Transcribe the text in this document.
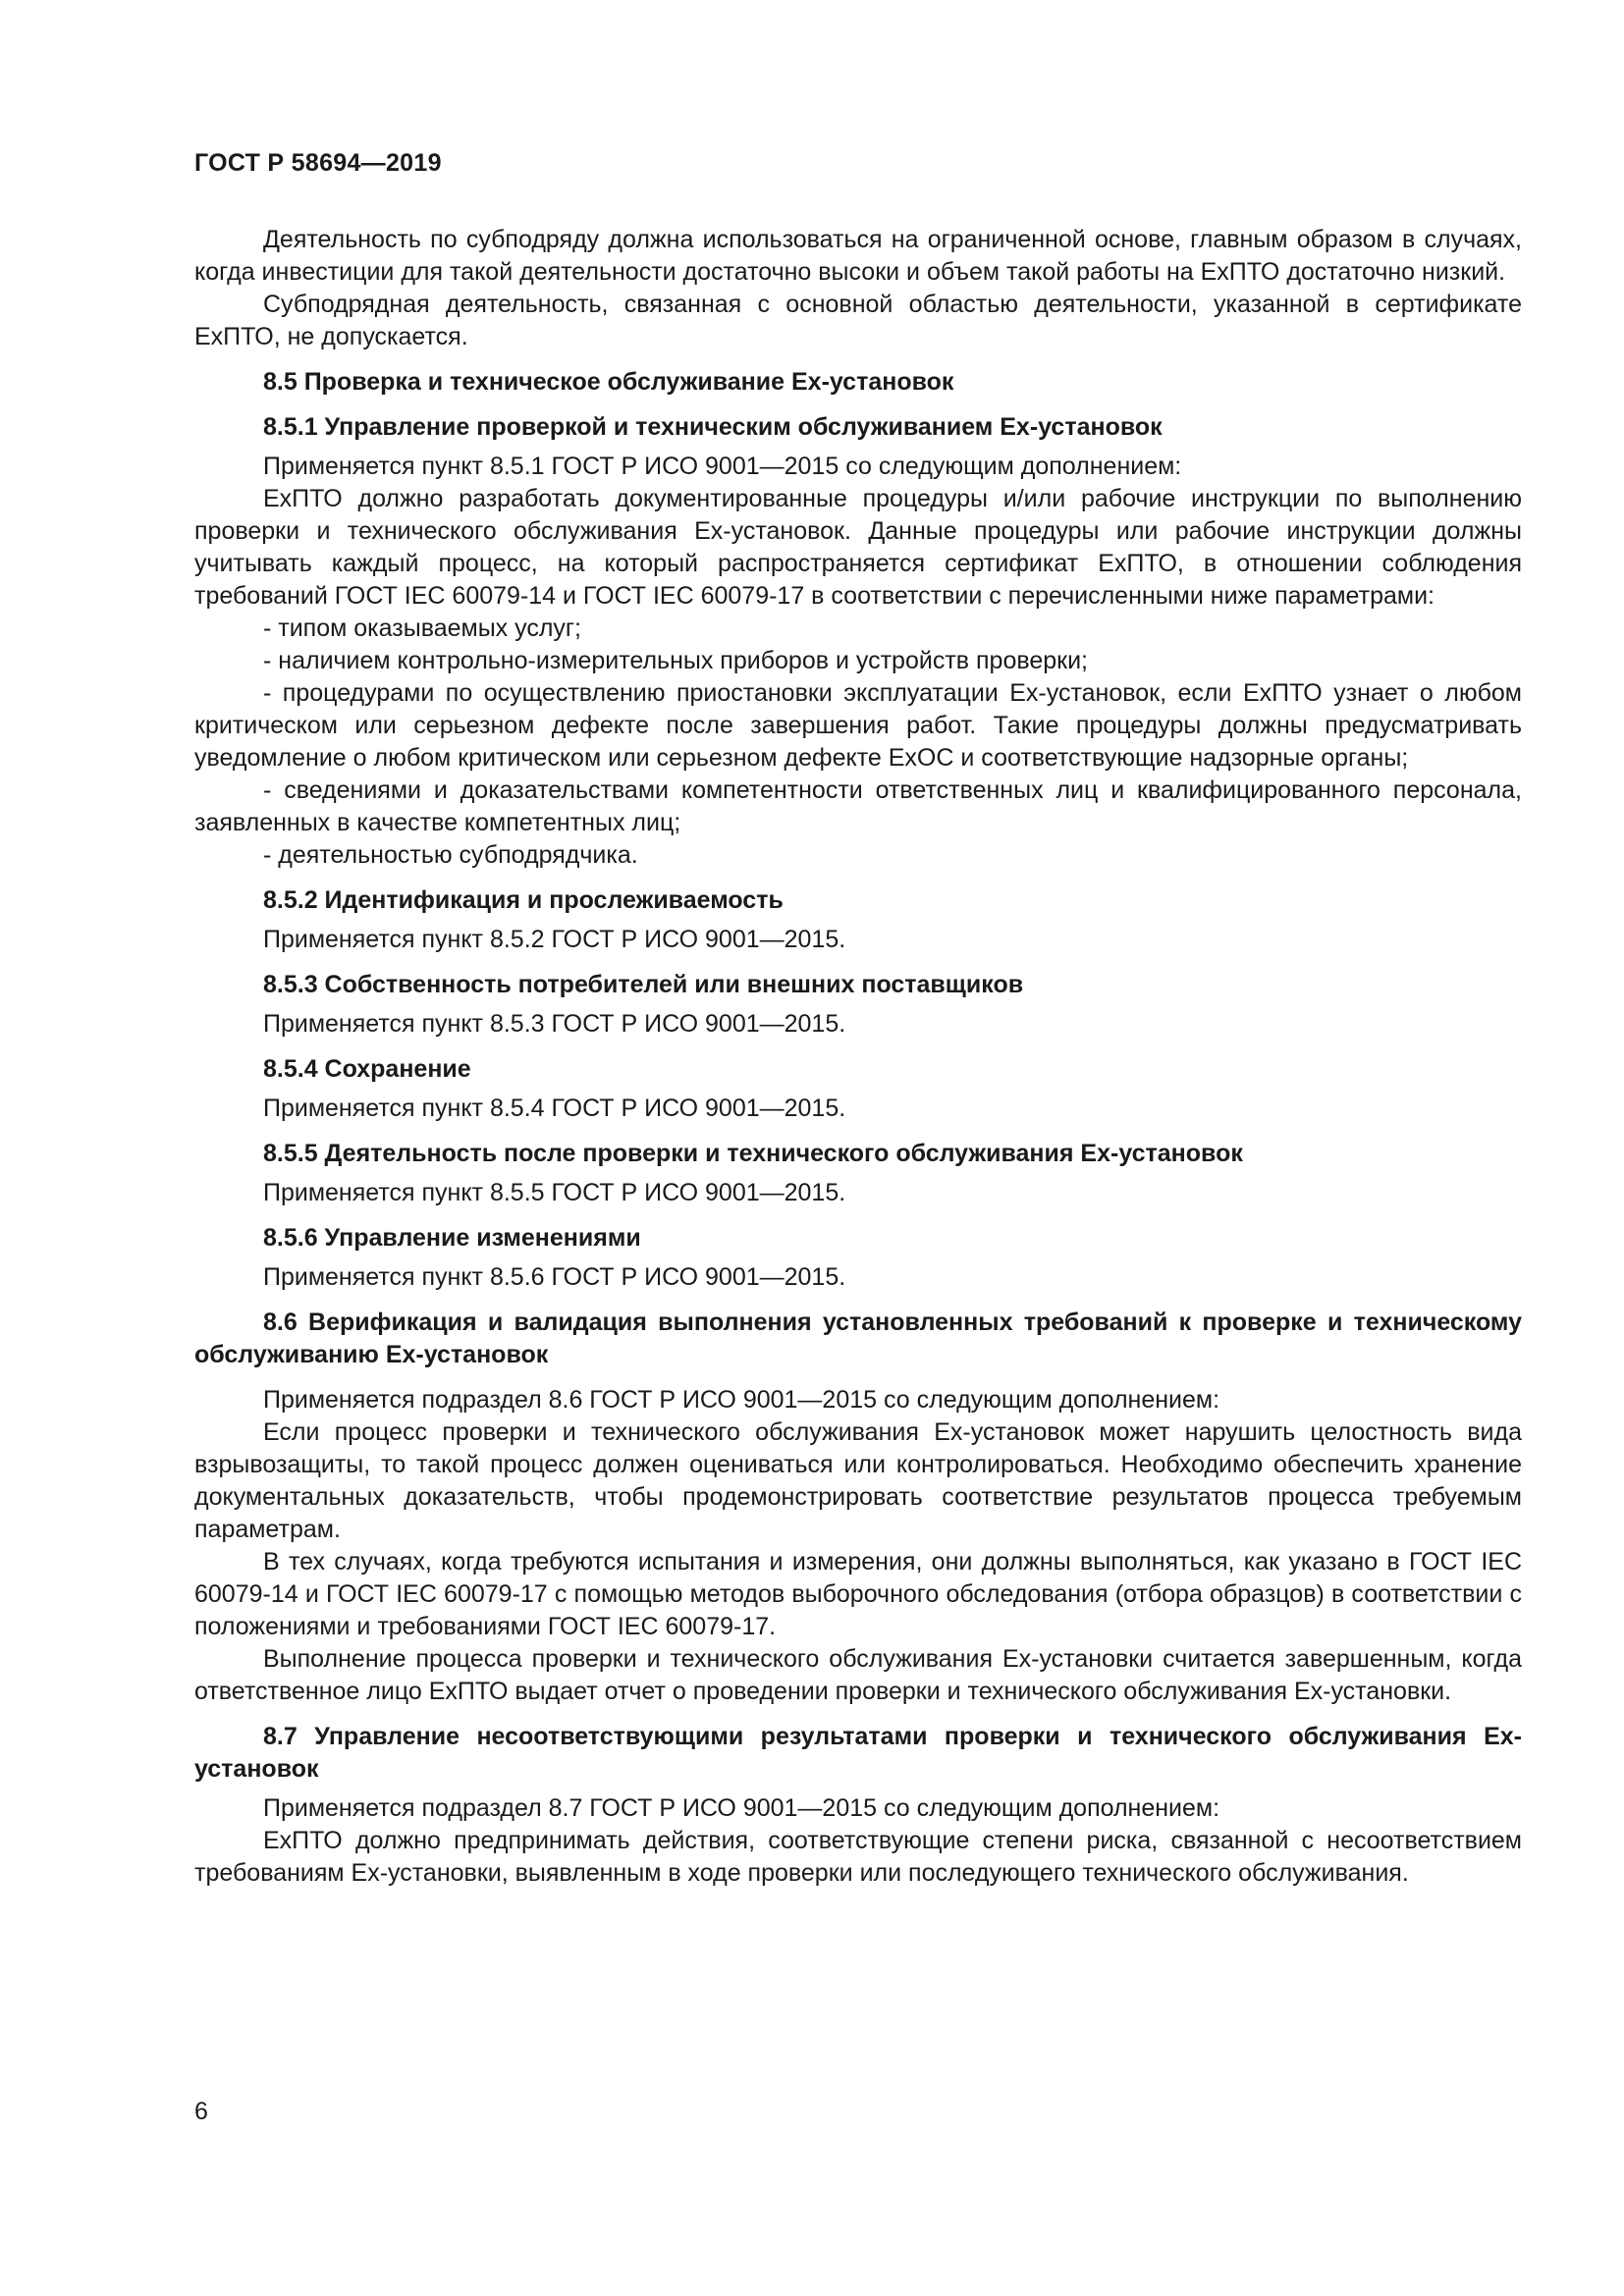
ГОСТ Р 58694—2019

Деятельность по субподряду должна использоваться на ограниченной основе, главным образом в случаях, когда инвестиции для такой деятельности достаточно высоки и объем такой работы на ExПТО достаточно низкий.

Субподрядная деятельность, связанная с основной областью деятельности, указанной в сертификате ExПТО, не допускается.

8.5 Проверка и техническое обслуживание Ex-установок

8.5.1 Управление проверкой и техническим обслуживанием Ex-установок

Применяется пункт 8.5.1 ГОСТ Р ИСО 9001—2015 со следующим дополнением:

ExПТО должно разработать документированные процедуры и/или рабочие инструкции по выполнению проверки и технического обслуживания Ex-установок. Данные процедуры или рабочие инструкции должны учитывать каждый процесс, на который распространяется сертификат ExПТО, в отношении соблюдения требований ГОСТ IEC 60079-14 и ГОСТ IEC 60079-17 в соответствии с перечисленными ниже параметрами:

- типом оказываемых услуг;

- наличием контрольно-измерительных приборов и устройств проверки;

- процедурами по осуществлению приостановки эксплуатации Ex-установок, если ExПТО узнает о любом критическом или серьезном дефекте после завершения работ. Такие процедуры должны предусматривать уведомление о любом критическом или серьезном дефекте ExОС и соответствующие надзорные органы;

- сведениями и доказательствами компетентности ответственных лиц и квалифицированного персонала, заявленных в качестве компетентных лиц;

- деятельностью субподрядчика.

8.5.2 Идентификация и прослеживаемость

Применяется пункт 8.5.2 ГОСТ Р ИСО 9001—2015.

8.5.3 Собственность потребителей или внешних поставщиков

Применяется пункт 8.5.3 ГОСТ Р ИСО 9001—2015.

8.5.4 Сохранение

Применяется пункт 8.5.4 ГОСТ Р ИСО 9001—2015.

8.5.5 Деятельность после проверки и технического обслуживания Ex-установок

Применяется пункт 8.5.5 ГОСТ Р ИСО 9001—2015.

8.5.6 Управление изменениями

Применяется пункт 8.5.6 ГОСТ Р ИСО 9001—2015.

8.6 Верификация и валидация выполнения установленных требований к проверке и техническому обслуживанию Ex-установок

Применяется подраздел 8.6 ГОСТ Р ИСО 9001—2015 со следующим дополнением:

Если процесс проверки и технического обслуживания Ex-установок может нарушить целостность вида взрывозащиты, то такой процесс должен оцениваться или контролироваться. Необходимо обеспечить хранение документальных доказательств, чтобы продемонстрировать соответствие результатов процесса требуемым параметрам.

В тех случаях, когда требуются испытания и измерения, они должны выполняться, как указано в ГОСТ IEC 60079-14 и ГОСТ IEC 60079-17 с помощью методов выборочного обследования (отбора образцов) в соответствии с положениями и требованиями ГОСТ IEC 60079-17.

Выполнение процесса проверки и технического обслуживания Ex-установки считается завершенным, когда ответственное лицо ExПТО выдает отчет о проведении проверки и технического обслуживания Ex-установки.

8.7 Управление несоответствующими результатами проверки и технического обслуживания Ex-установок

Применяется подраздел 8.7 ГОСТ Р ИСО 9001—2015 со следующим дополнением:

ExПТО должно предпринимать действия, соответствующие степени риска, связанной с несоответствием требованиям Ex-установки, выявленным в ходе проверки или последующего технического обслуживания.

6
